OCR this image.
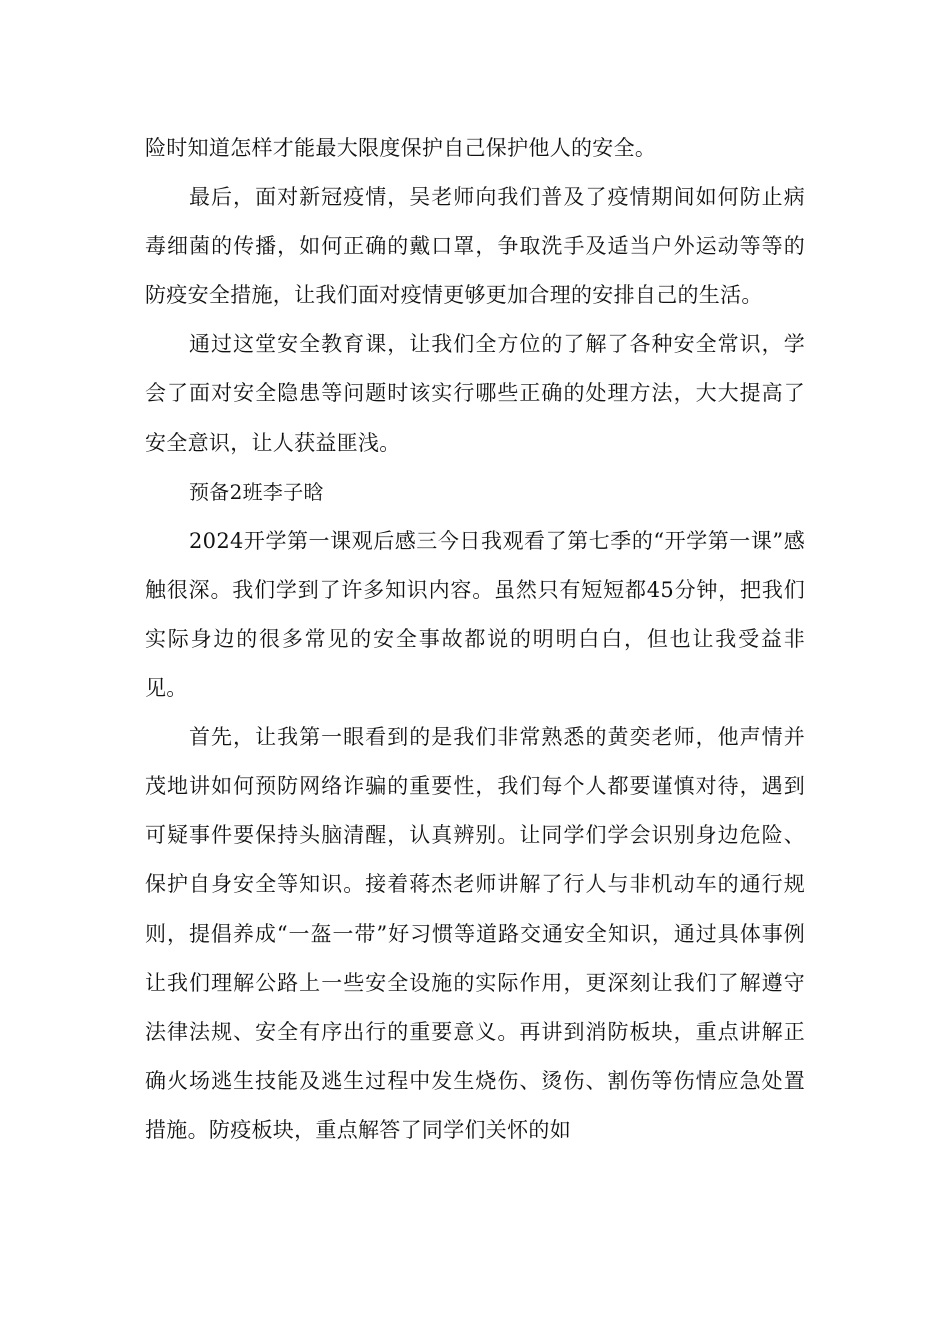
险时知道怎样才能最大限度保护自己保护他人的安全。

最后，面对新冠疫情，吴老师向我们普及了疫情期间如何防止病毒细菌的传播，如何正确的戴口罩，争取洗手及适当户外运动等等的防疫安全措施，让我们面对疫情更够更加合理的安排自己的生活。

通过这堂安全教育课，让我们全方位的了解了各种安全常识，学会了面对安全隐患等问题时该实行哪些正确的处理方法，大大提高了安全意识，让人获益匪浅。

预备2班李子晗

2024开学第一课观后感三今日我观看了第七季的“开学第一课”感触很深。我们学到了许多知识内容。虽然只有短短都45分钟，把我们实际身边的很多常见的安全事故都说的明明白白，但也让我受益非见。

首先，让我第一眼看到的是我们非常熟悉的黄奕老师，他声情并茂地讲如何预防网络诈骗的重要性，我们每个人都要谨慎对待，遇到可疑事件要保持头脑清醒，认真辨别。让同学们学会识别身边危险、保护自身安全等知识。接着蒋杰老师讲解了行人与非机动车的通行规则，提倡养成“一盔一带”好习惯等道路交通安全知识，通过具体事例让我们理解公路上一些安全设施的实际作用，更深刻让我们了解遵守法律法规、安全有序出行的重要意义。再讲到消防板块，重点讲解正确火场逃生技能及逃生过程中发生烧伤、烫伤、割伤等伤情应急处置措施。防疫板块，重点解答了同学们关怀的如
